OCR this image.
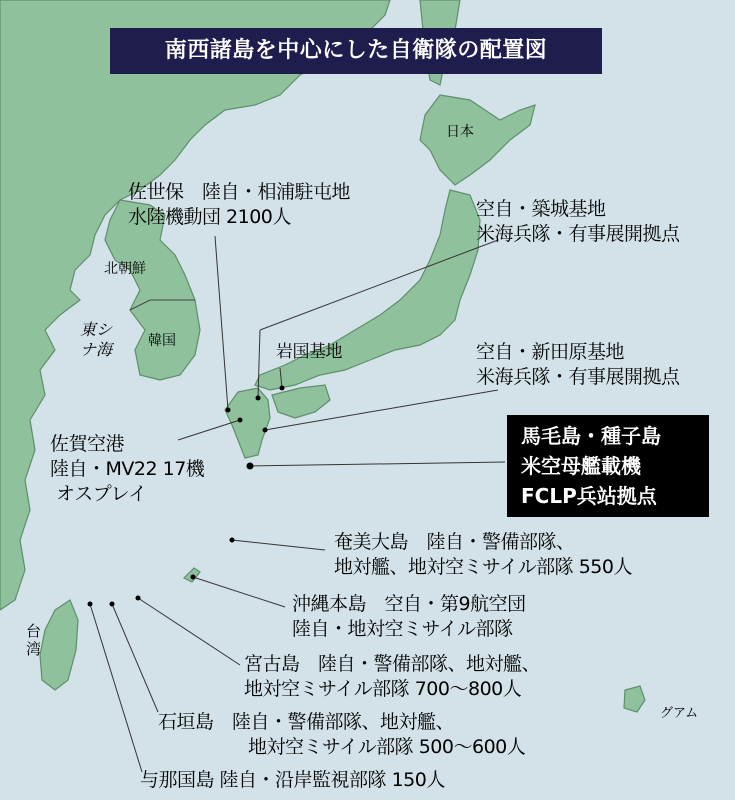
南西諸島を中心にした自衛隊の配置図
日本
北朝鮮
韓国
東シナ海
台湾
グアム
佐世保　陸自・相浦駐屯地
水陸機動団 2100人	空自・築城基地
米海兵隊・有事展開拠点
岩国基地	空自・新田原基地
米海兵隊・有事展開拠点
佐賀空港
陸自・MV22 17機
オスプレイ
馬毛島・種子島
米空母艦載機
FCLP兵站拠点
奄美大島　陸自・警備部隊、
地対艦、地対空ミサイル部隊 550人
沖縄本島　空自・第9航空団
陸自・地対空ミサイル部隊
宮古島　陸自・警備部隊、地対艦、
地対空ミサイル部隊 700～800人
石垣島　陸自・警備部隊、地対艦、
地対空ミサイル部隊 500～600人
与那国島 陸自・沿岸監視部隊 150人
